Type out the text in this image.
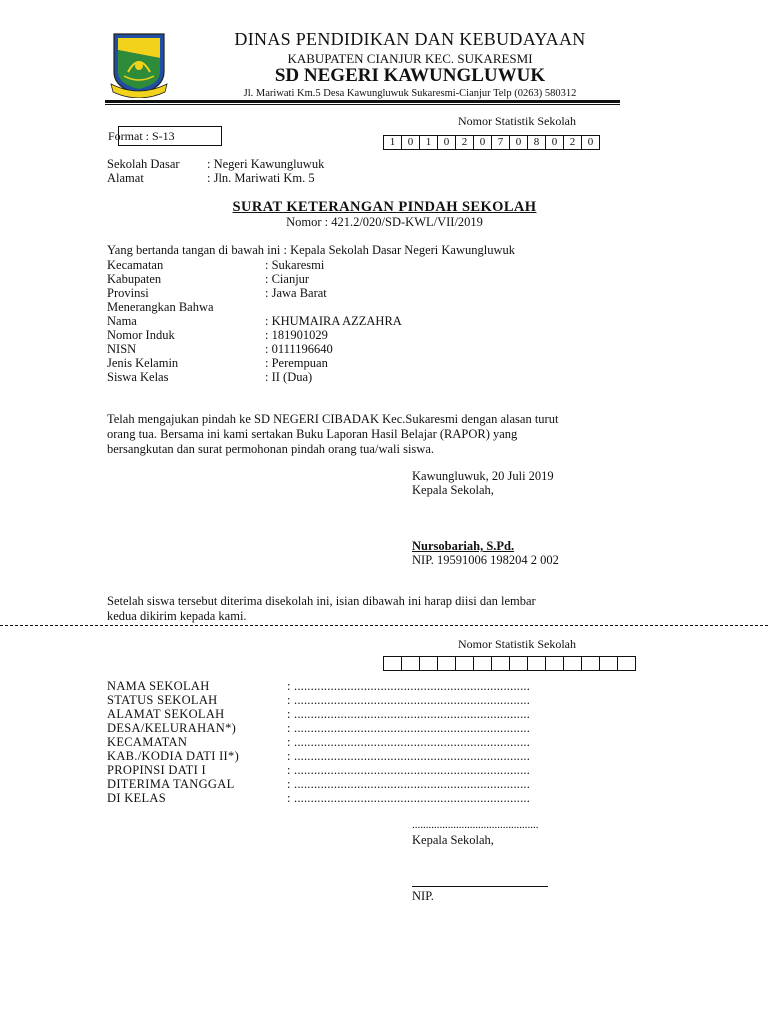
DINAS PENDIDIKAN DAN KEBUDAYAAN
KABUPATEN CIANJUR KEC. SUKARESMI
SD NEGERI KAWUNGLUWUK
Jl. Mariwati Km.5 Desa Kawungluwuk Sukaresmi-Cianjur Telp (0263) 580312
Format : S-13
Nomor Statistik Sekolah
1	0	1	0	2	0	7	0	8	0	2	0
Sekolah Dasar : Negeri Kawungluwuk
Alamat	: Jln. Mariwati Km. 5
SURAT KETERANGAN PINDAH SEKOLAH
Nomor : 421.2/020/SD-KWL/VII/2019
Yang bertanda tangan di bawah ini : Kepala Sekolah Dasar Negeri Kawungluwuk
Kecamatan	: Sukaresmi
Kabupaten	: Cianjur
Provinsi	: Jawa Barat
Menerangkan Bahwa
Nama	: KHUMAIRA AZZAHRA
Nomor Induk	: 181901029
NISN	: 0111196640
Jenis Kelamin	: Perempuan
Siswa Kelas	: II (Dua)
Telah mengajukan pindah ke SD NEGERI CIBADAK Kec.Sukaresmi dengan alasan turut
orang tua. Bersama ini kami sertakan Buku Laporan Hasil Belajar (RAPOR) yang
bersangkutan dan surat permohonan pindah orang tua/wali siswa.
Kawungluwuk, 20 Juli 2019
Kepala Sekolah,
Nursobariah, S.Pd.
NIP. 19591006 198204 2 002
Setelah siswa tersebut diterima disekolah ini, isian dibawah ini harap diisi dan lembar
kedua dikirim kepada kami.
Nomor Statistik Sekolah
NAMA SEKOLAH	: .......................................................................
STATUS SEKOLAH	: .......................................................................
ALAMAT SEKOLAH	: .......................................................................
DESA/KELURAHAN*)	: .......................................................................
KECAMATAN	: .......................................................................
KAB./KODIA DATI II*)	: .......................................................................
PROPINSI DATI I	: .......................................................................
DITERIMA TANGGAL	: .......................................................................
DI KELAS	: .......................................................................
..............................................
Kepala Sekolah,
NIP.
